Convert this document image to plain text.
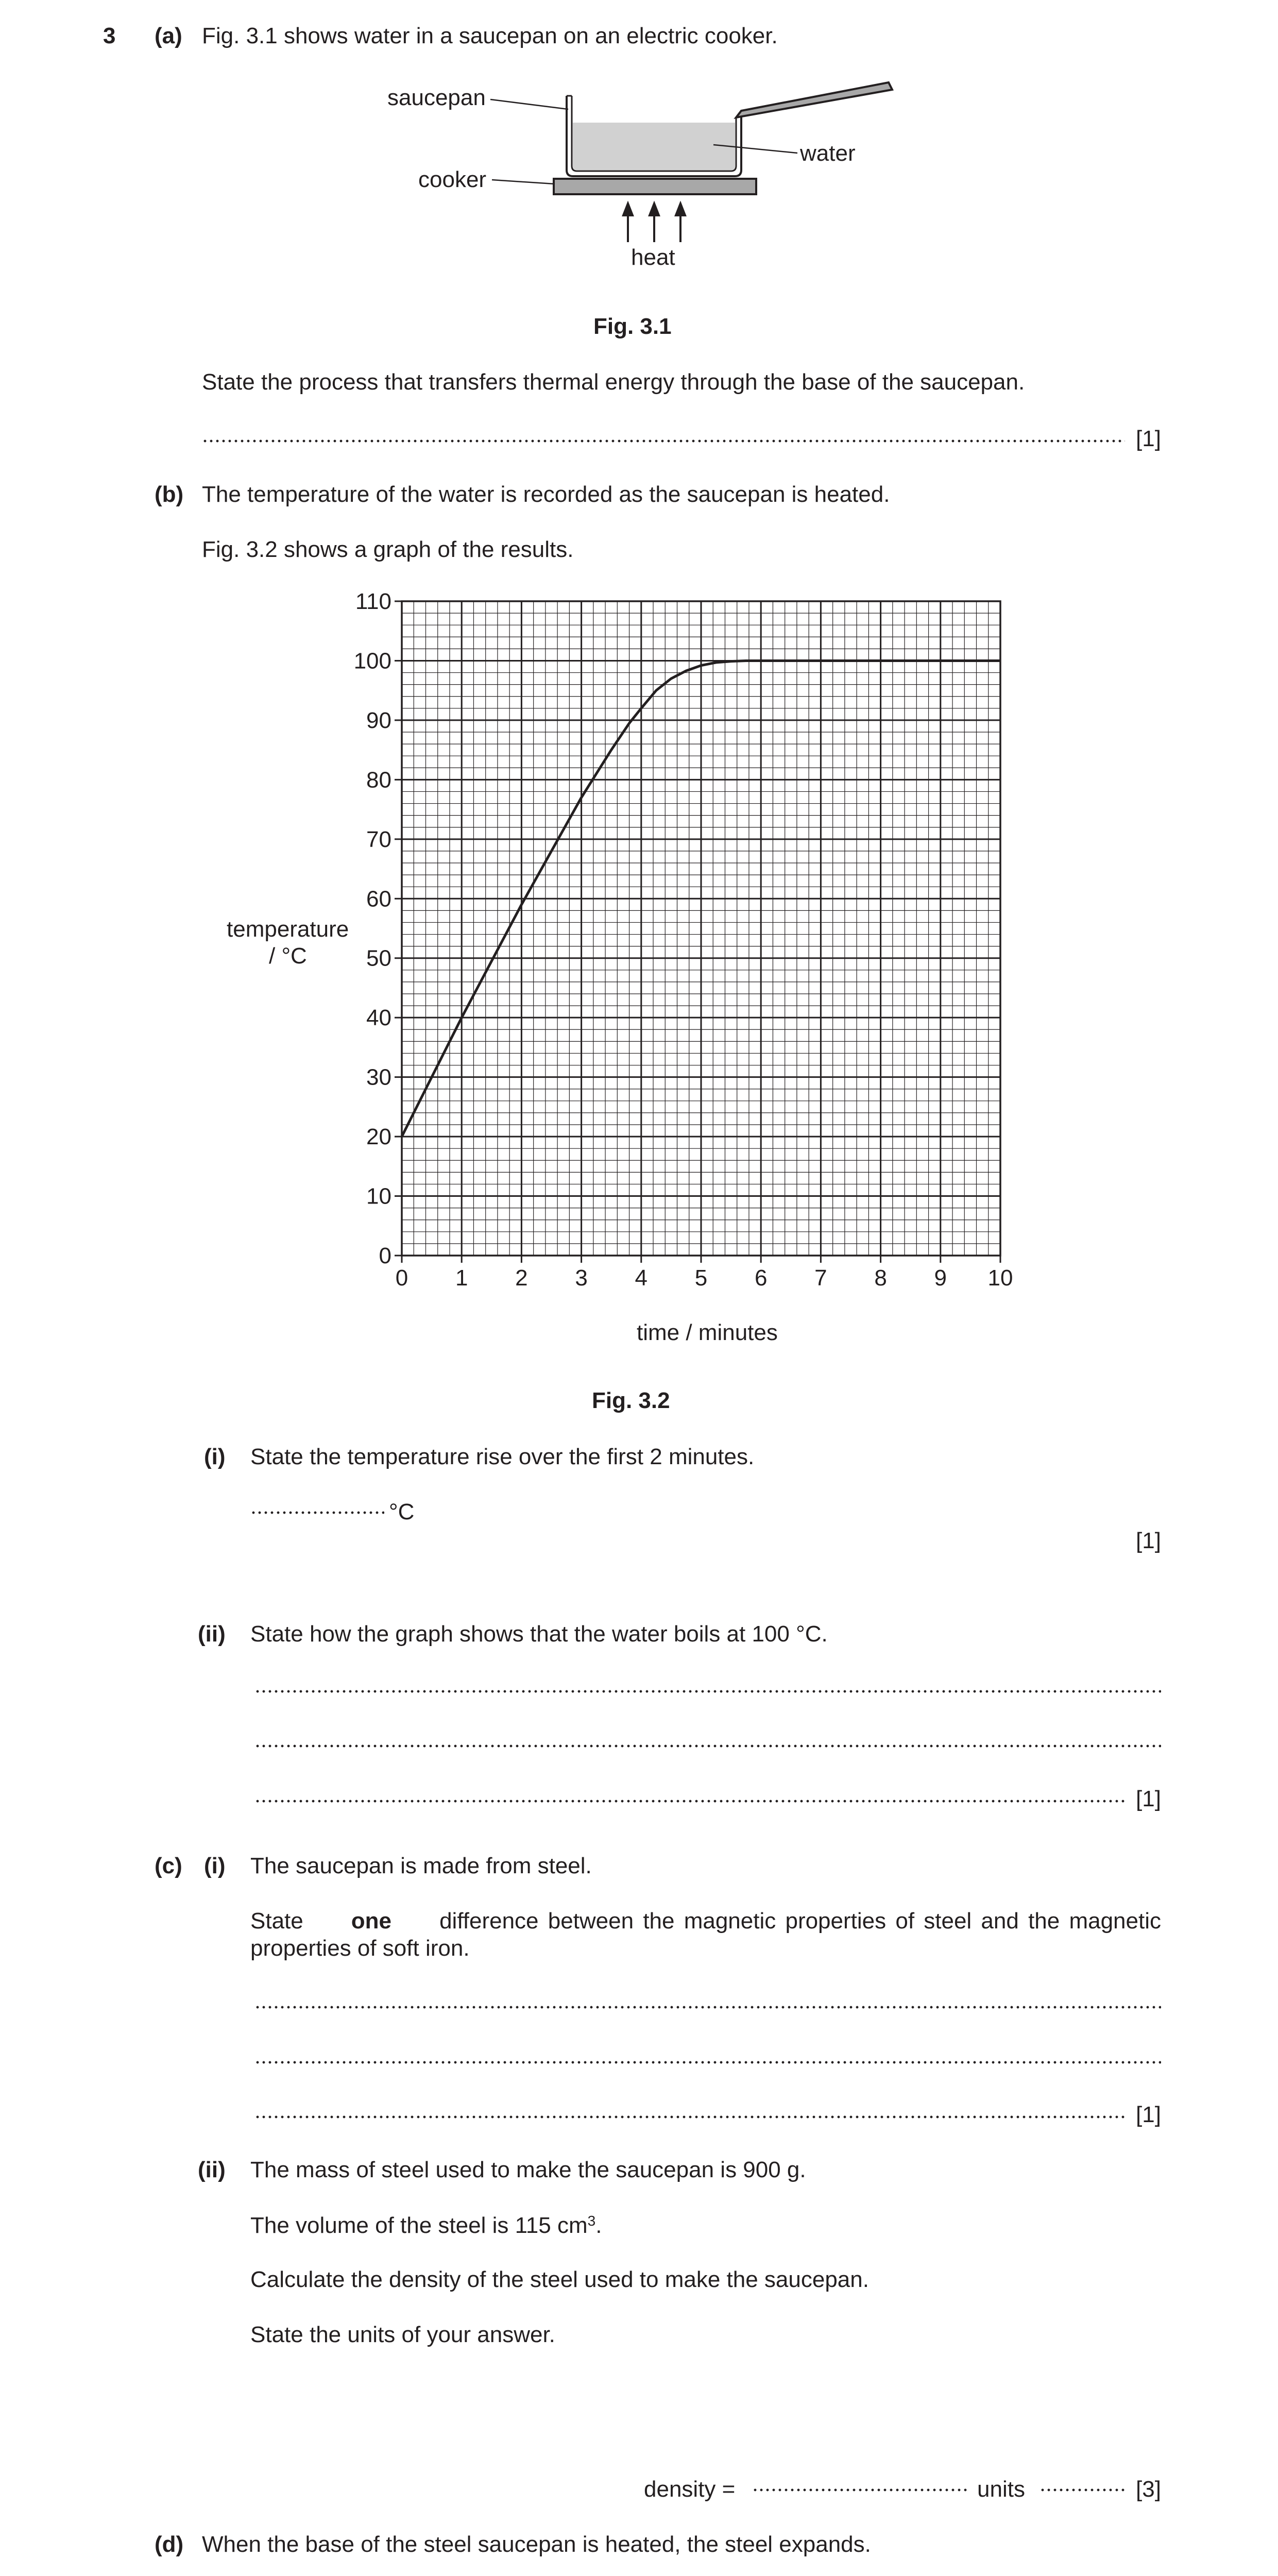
3 (a) Fig. 3.1 shows water in a saucepan on an electric cooker.
saucepan
water
cooker
heat
Fig. 3.1
State the process that transfers thermal energy through the base of the saucepan.
[1]
(b) The temperature of the water is recorded as the saucepan is heated.
Fig. 3.2 shows a graph of the results.
0 1 2 3 4 5 6 7 8 9 10
0
10
20
30
40
50
60
70
80
90
100
110
temperature
/ °C
time / minutes
Fig. 3.2
(i) State the temperature rise over the first 2 minutes.
°C
[1]
(ii) State how the graph shows that the water boils at 100 °C.
[1]
(c) (i) The saucepan is made from steel.
State one difference between the magnetic properties of steel and the magnetic
properties of soft iron.
[1]
(ii) The mass of steel used to make the saucepan is 900 g.
The volume of the steel is 115 $cm^3$.
Calculate the density of the steel used to make the saucepan.
State the units of your answer.
density =	units	[3]
(d) When the base of the steel saucepan is heated, the steel expands.
